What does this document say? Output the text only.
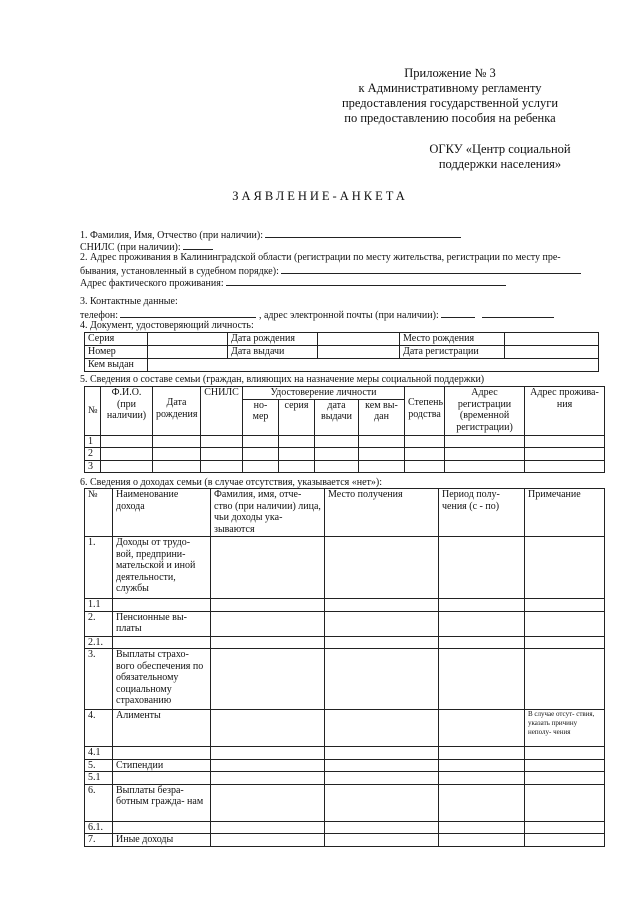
Приложение № 3
к Административному регламенту
предоставления государственной услуги
по предоставлению пособия на ребенка
ОГКУ «Центр социальной
поддержки населения»
ЗАЯВЛЕНИЕ-АНКЕТА
1. Фамилия, Имя, Отчество (при наличии):
СНИЛС (при наличии):
2. Адрес проживания в Калининградской области (регистрации по месту жительства, регистрации по месту пре-
бывания, установленный в судебном порядке):
Адрес фактического проживания:
3. Контактные данные:
телефон:	, адрес электронной почты (при наличии):
4. Документ, удостоверяющий личность:
Серия		Дата рождения		Место рождения	
Номер		Дата выдачи		Дата регистрации	
Кем выдан					
5. Сведения о составе семьи (граждан, влияющих на назначение меры социальной поддержки)
№	Ф.И.О. (при наличии)	Дата рождения	СНИЛС	Удостоверение личности				Степень родства	Адрес регистрации (временной регистрации)	Адрес прожива- ния
				но- мер	серия	дата выдачи	кем вы- дан			
1										
2										
3										
6. Сведения о доходах семьи (в случае отсутствия, указывается «нет»):
№	Наименование дохода	Фамилия, имя, отче- ство (при наличии) лица, чьи доходы ука- зываются	Место получения	Период полу- чения (с - по)	Примечание
1.	Доходы от трудо- вой, предприни- мательской и иной деятельности, службы				
1.1					
2.	Пенсионные вы- платы				
2.1.					
3.	Выплаты страхо- вого обеспечения по обязательному социальному страхованию				
4.	Алименты				В случае отсут- ствия, указать причину неполу- чения
4.1					
5.	Стипендии				
5.1					
6.	Выплаты безра- ботным гражда- нам				
6.1.					
7.	Иные доходы				
